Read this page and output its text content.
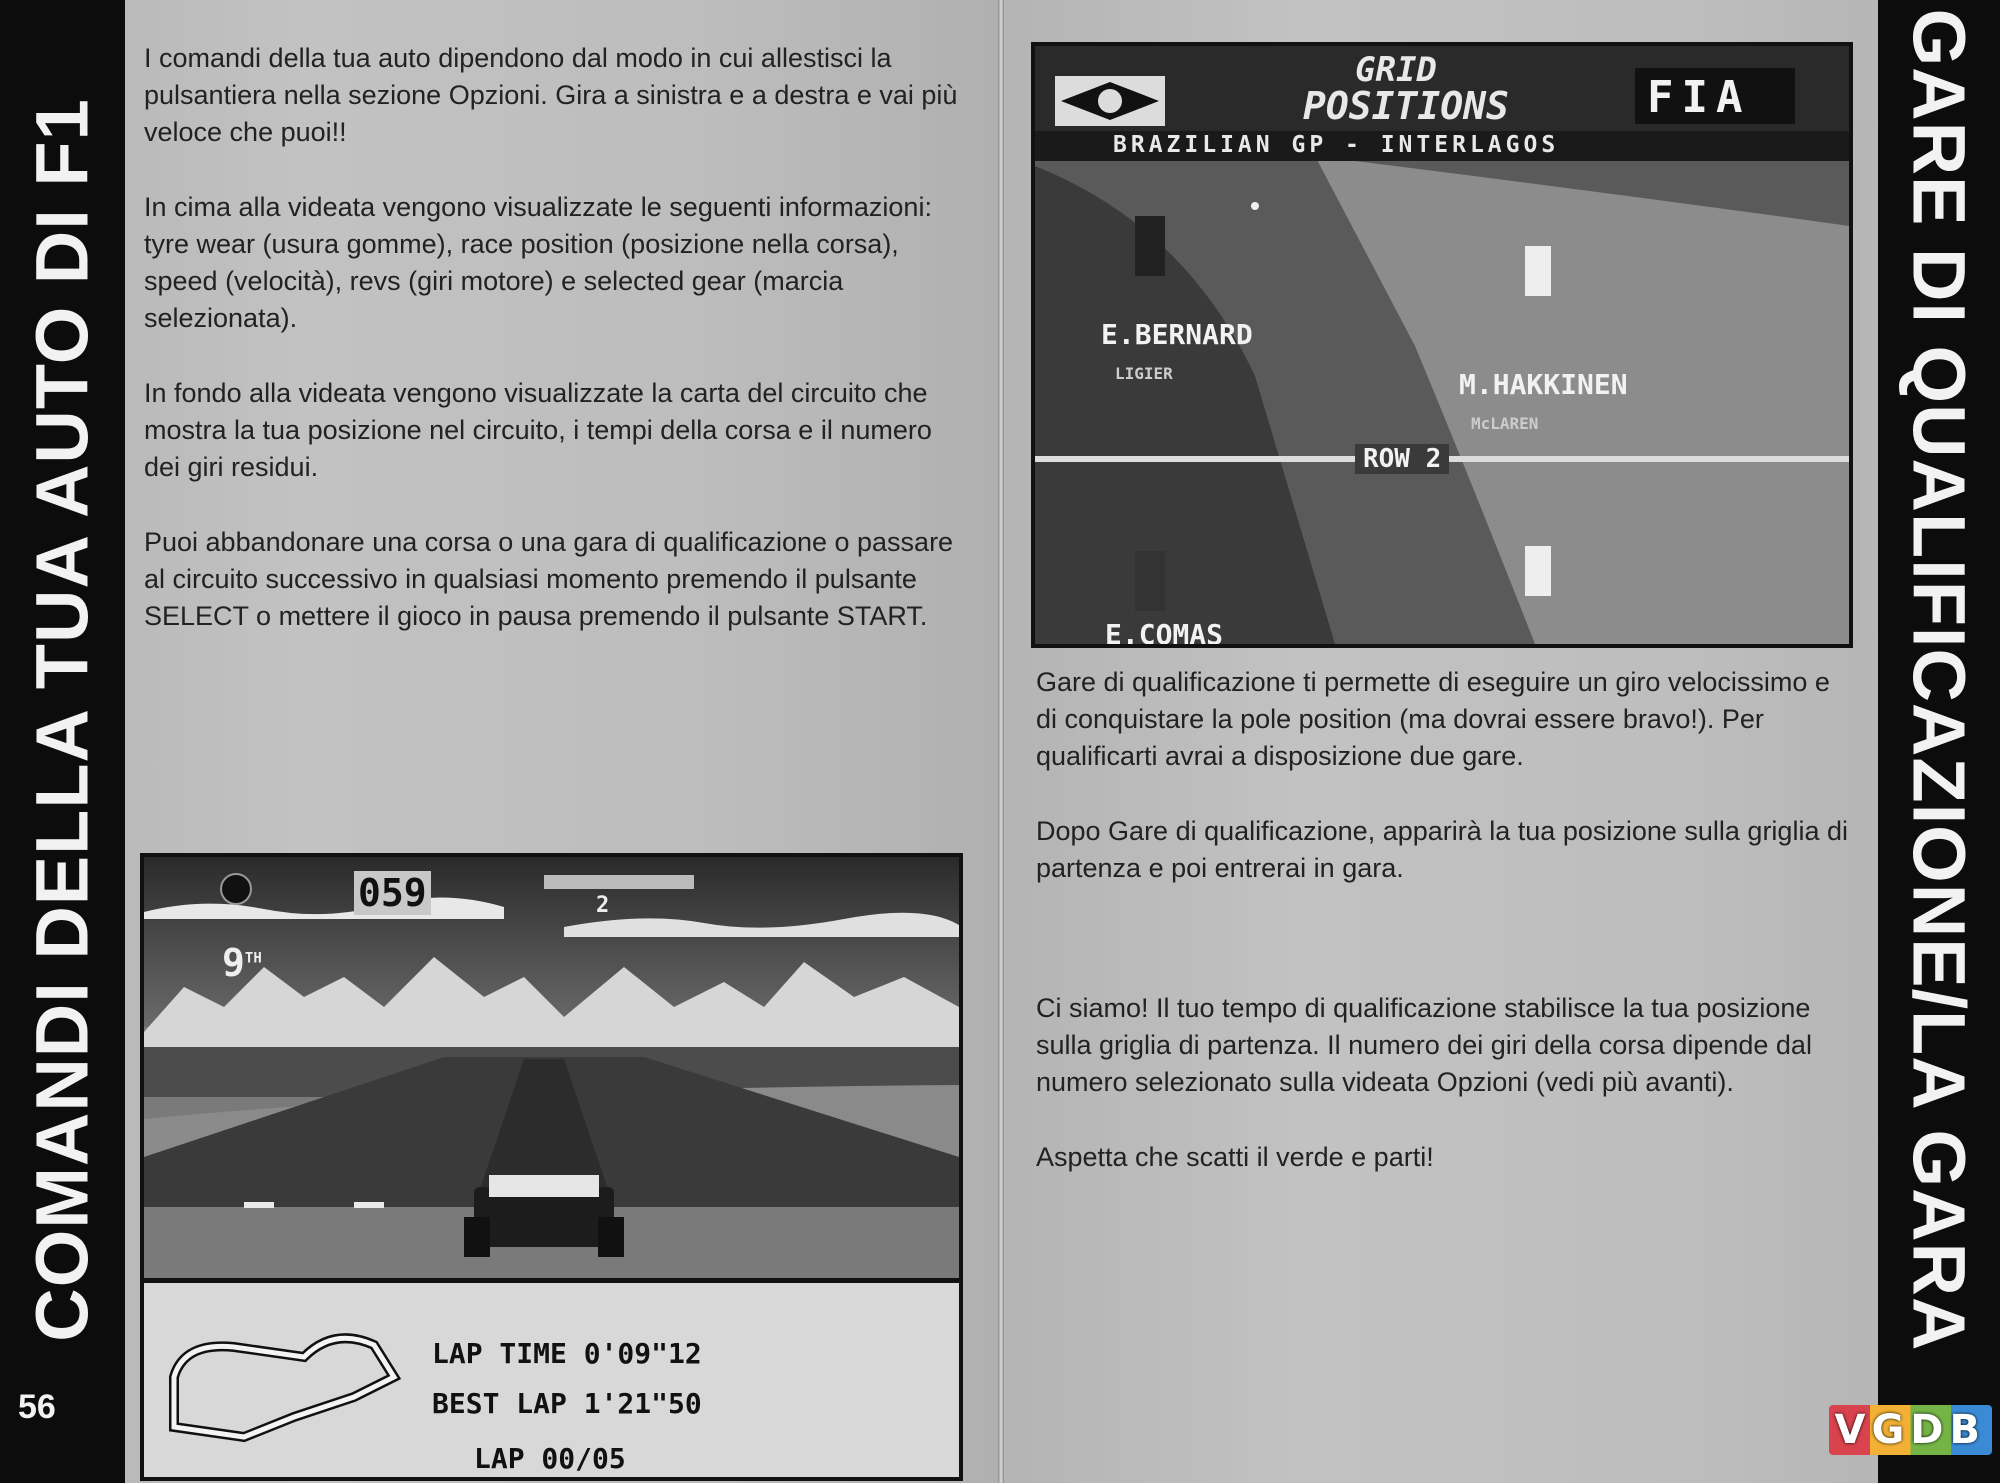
COMANDI DELLA TUA AUTO DI F1
56

I comandi della tua auto dipendono dal modo in cui allestisci la pulsantiera nella sezione Opzioni. Gira a sinistra e a destra e vai più veloce che puoi!!

In cima alla videata vengono visualizzate le seguenti informazioni: tyre wear (usura gomme), race position (posizione nella corsa), speed (velocità), revs (giri motore) e selected gear (marcia selezionata).

In fondo alla videata vengono visualizzate la carta del circuito che mostra la tua posizione nel circuito, i tempi della corsa e il numero dei giri residui.

Puoi abbandonare una corsa o una gara di qualificazione o passare al circuito successivo in qualsiasi momento premendo il pulsante SELECT o mettere il gioco in pausa premendo il pulsante START.

059	2
9TH
LAP TIME 0'09"12
BEST LAP 1'21"50
LAP 00/05
GRID
POSITIONS	FIA
BRAZILIAN GP - INTERLAGOS
E.BERNARD
LIGIER	M.HAKKINEN
McLAREN
ROW 2
E.COMAS

Gare di qualificazione ti permette di eseguire un giro velocissimo e di conquistare la pole position (ma dovrai essere bravo!). Per qualificarti avrai a disposizione due gare.

Dopo Gare di qualificazione, apparirà la tua posizione sulla griglia di partenza e poi entrerai in gara.

Ci siamo! Il tuo tempo di qualificazione stabilisce la tua posizione sulla griglia di partenza. Il numero dei giri della corsa dipende dal numero selezionato sulla videata Opzioni (vedi più avanti).

Aspetta che scatti il verde e parti!	GARE DI QUALIFICAZIONE/LA GARA
VGDB
